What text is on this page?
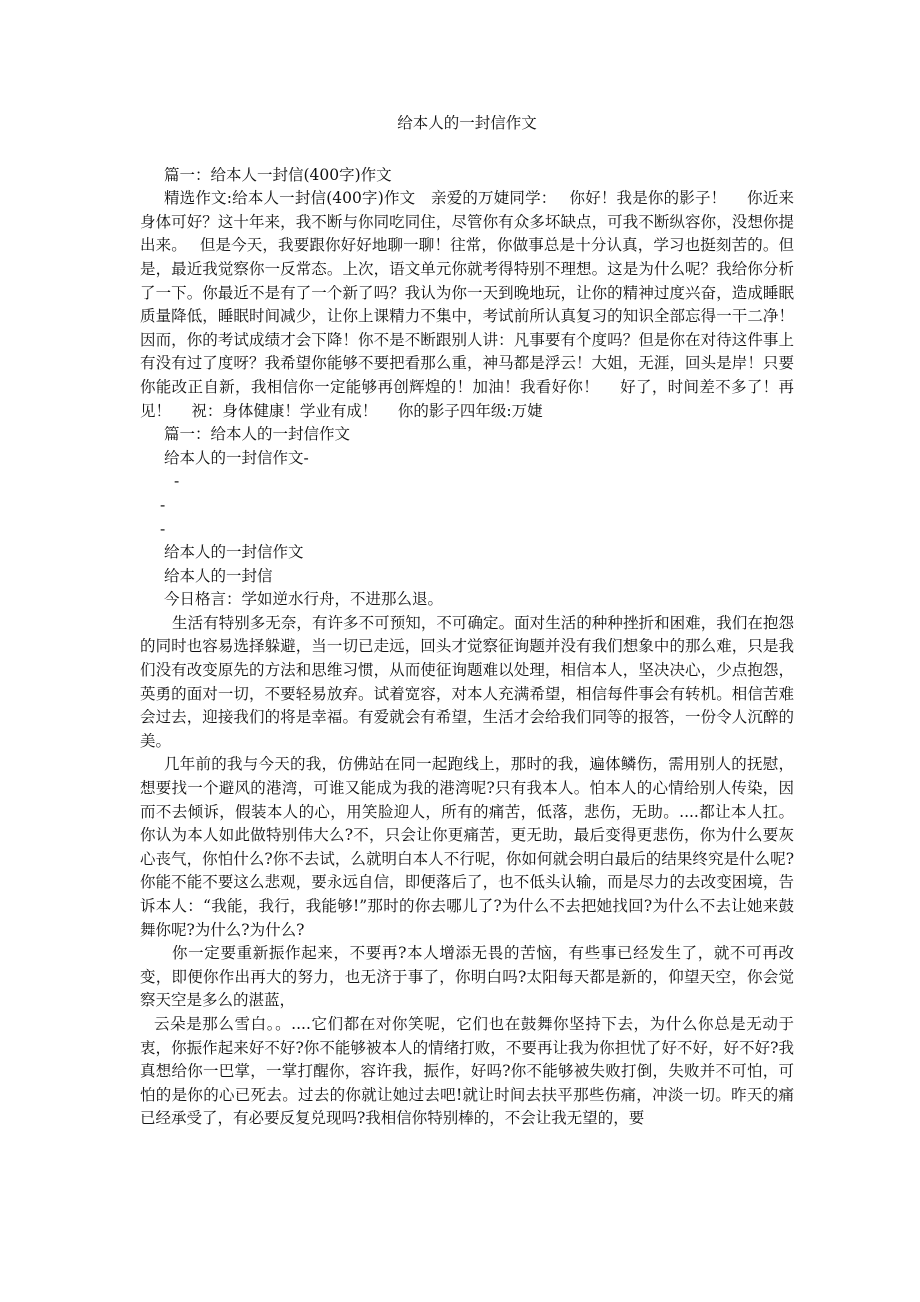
给本人的一封信作文

篇一：给本人一封信(400字)作文

精选作文:给本人一封信(400字)作文　亲爱的万婕同学：　 你好！我是你的影子！　 你近来身体可好？这十年来，我不断与你同吃同住，尽管你有众多坏缺点，可我不断纵容你，没想你提出来。　 但是今天，我要跟你好好地聊一聊！往常，你做事总是十分认真，学习也挺刻苦的。但是，最近我觉察你一反常态。上次，语文单元你就考得特别不理想。这是为什么呢？我给你分析了一下。你最近不是有了一个新了吗？我认为你一天到晚地玩，让你的精神过度兴奋，造成睡眠质量降低，睡眠时间减少，让你上课精力不集中，考试前所认真复习的知识全部忘得一干二净！因而，你的考试成绩才会下降！你不是不断跟别人讲：凡事要有个度吗？但是你在对待这件事上有没有过了度呀？我希望你能够不要把看那么重，神马都是浮云！大姐，无涯，回头是岸！只要你能改正自新，我相信你一定能够再创辉煌的！加油！我看好你！　 好了，时间差不多了！再见！　 祝：身体健康！学业有成！　 你的影子四年级:万婕

篇一：给本人的一封信作文

给本人的一封信作文-

-

-

-

给本人的一封信作文

给本人的一封信

今日格言：学如逆水行舟，不进那么退。

生活有特别多无奈，有许多不可预知，不可确定。面对生活的种种挫折和困难，我们在抱怨的同时也容易选择躲避，当一切已走远，回头才觉察征询题并没有我们想象中的那么难，只是我们没有改变原先的方法和思维习惯，从而使征询题难以处理，相信本人，坚决决心，少点抱怨，英勇的面对一切，不要轻易放弃。试着宽容，对本人充满希望，相信每件事会有转机。相信苦难会过去，迎接我们的将是幸福。有爱就会有希望，生活才会给我们同等的报答，一份令人沉醉的美。

几年前的我与今天的我，仿佛站在同一起跑线上，那时的我，遍体鳞伤，需用别人的抚慰，想要找一个避风的港湾，可谁又能成为我的港湾呢?只有我本人。怕本人的心情给别人传染，因而不去倾诉，假装本人的心，用笑脸迎人，所有的痛苦，低落，悲伤，无助。....都让本人扛。你认为本人如此做特别伟大么?不，只会让你更痛苦，更无助，最后变得更悲伤，你为什么要灰心丧气，你怕什么?你不去试，么就明白本人不行呢，你如何就会明白最后的结果终究是什么呢?你能不能不要这么悲观，要永远自信，即便落后了，也不低头认输，而是尽力的去改变困境，告诉本人：“我能，我行，我能够!”那时的你去哪儿了?为什么不去把她找回?为什么不去让她来鼓舞你呢?为什么?为什么?

你一定要重新振作起来，不要再?本人增添无畏的苦恼，有些事已经发生了，就不可再改变，即便你作出再大的努力，也无济于事了，你明白吗?太阳每天都是新的，仰望天空，你会觉察天空是多么的湛蓝，

云朵是那么雪白。。....它们都在对你笑呢，它们也在鼓舞你坚持下去，为什么你总是无动于衷，你振作起来好不好?你不能够被本人的情绪打败，不要再让我为你担忧了好不好，好不好?我真想给你一巴掌，一掌打醒你，容许我，振作，好吗?你不能够被失败打倒，失败并不可怕，可怕的是你的心已死去。过去的你就让她过去吧!就让时间去扶平那些伤痛，冲淡一切。昨天的痛已经承受了，有必要反复兑现吗?我相信你特别棒的，不会让我无望的，要
